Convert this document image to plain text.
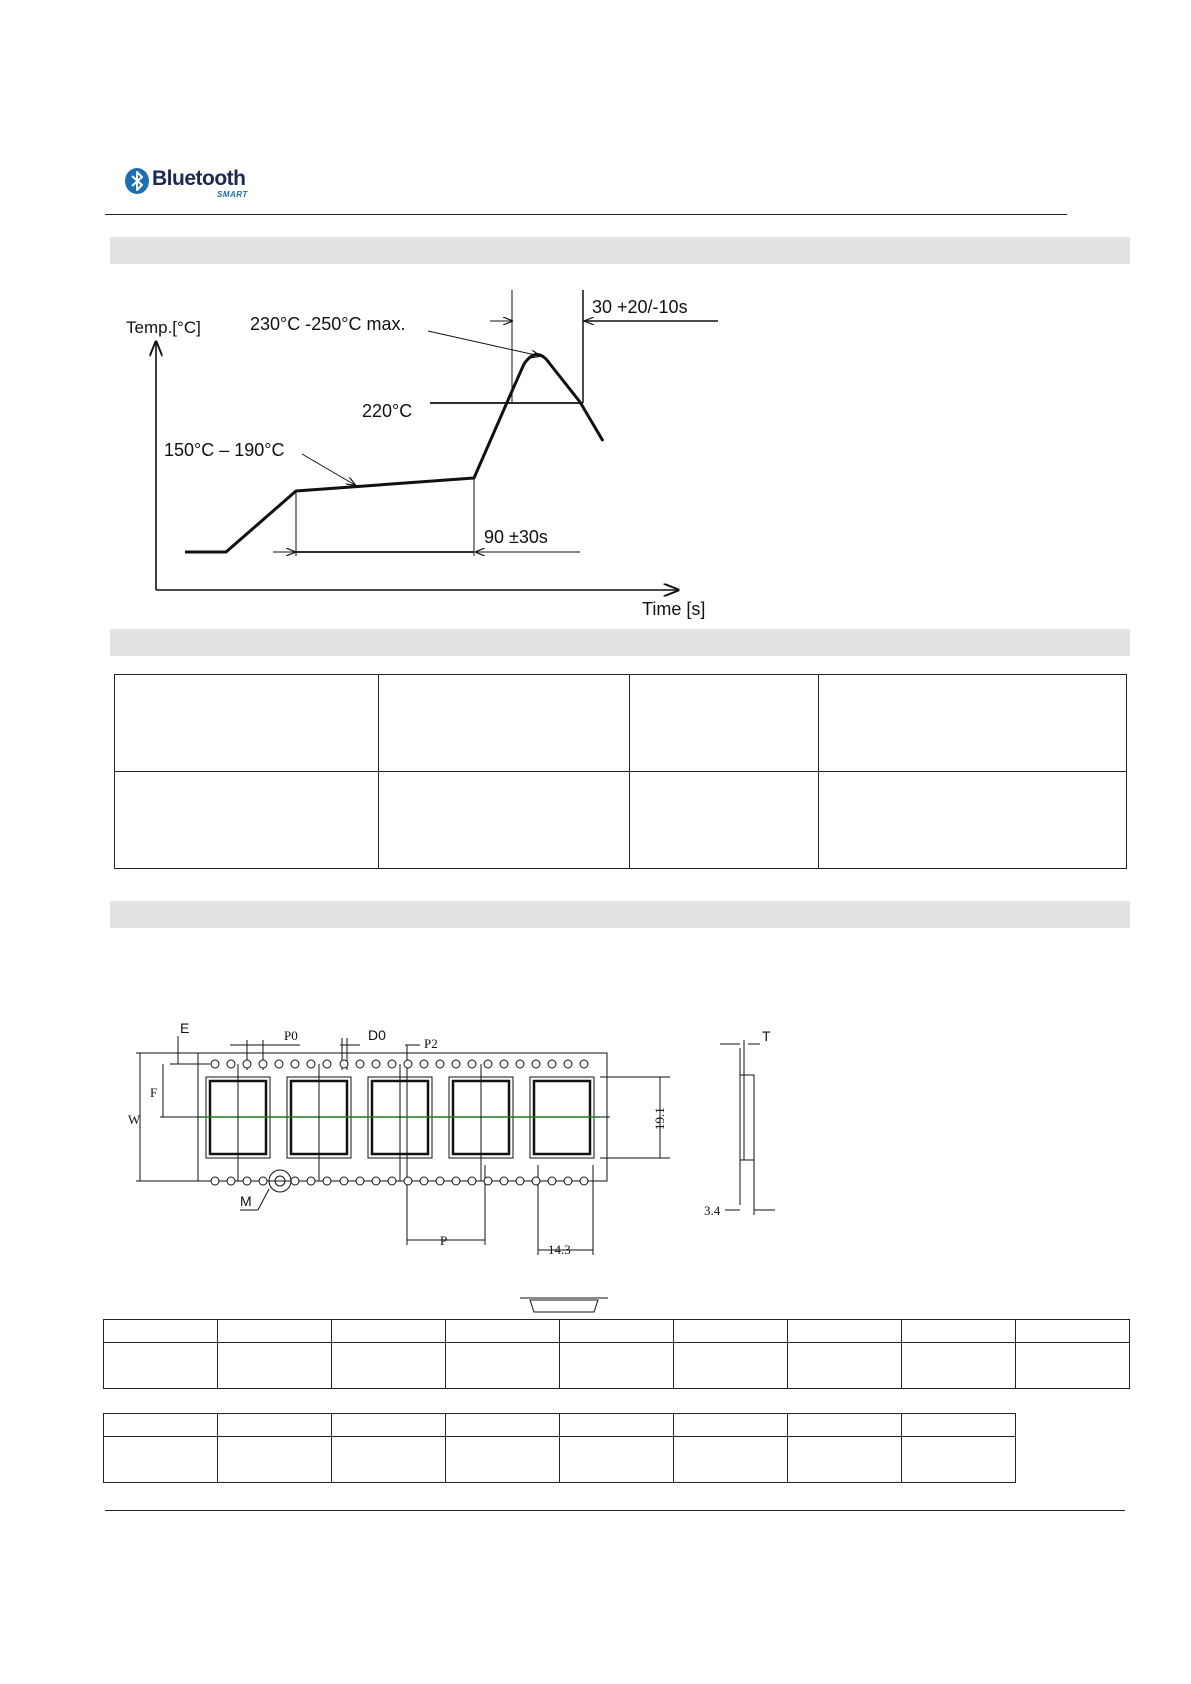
Bluetooth
SMART
Temp.[°C]
Time [s]
230°C -250°C max.
30 +20/-10s
220°C
150°C – 190°C
90 ±30s

E	P0	D0
P2
F
W
M
P
14.3
19.1
T
3.4
